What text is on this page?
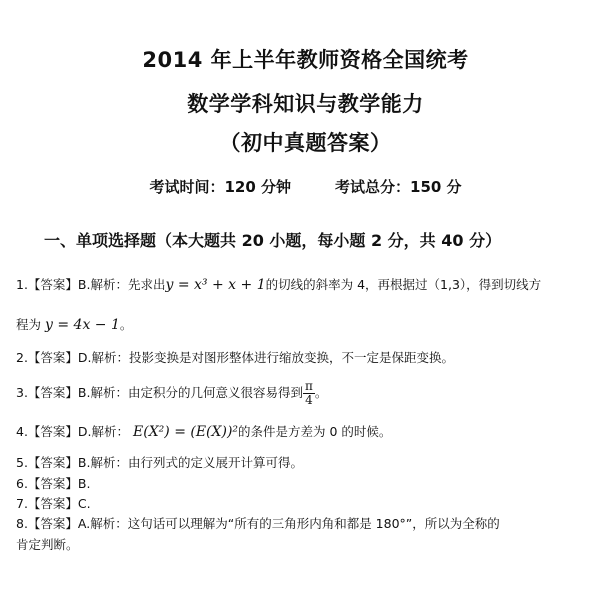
2014 年上半年教师资格全国统考
数学学科知识与教学能力
（初中真题答案）
考试时间：120 分钟	考试总分：150 分
一、单项选择题（本大题共 20 小题，每小题 2 分，共 40 分）
1.【答案】B.解析：先求出y = x³ + x + 1的切线的斜率为 4，再根据过（1,3），得到切线方
程为 y = 4x − 1。
2.【答案】D.解析：投影变换是对图形整体进行缩放变换，不一定是保距变换。
3.【答案】B.解析：由定积分的几何意义很容易得到 $\frac{\pi}{4}$ 。
4.【答案】D.解析： E(X²) = (E(X))²的条件是方差为 0 的时候。
5.【答案】B.解析：由行列式的定义展开计算可得。
6.【答案】B.
7.【答案】C.
8.【答案】A.解析：这句话可以理解为“所有的三角形内角和都是 180°”，所以为全称的
肯定判断。
